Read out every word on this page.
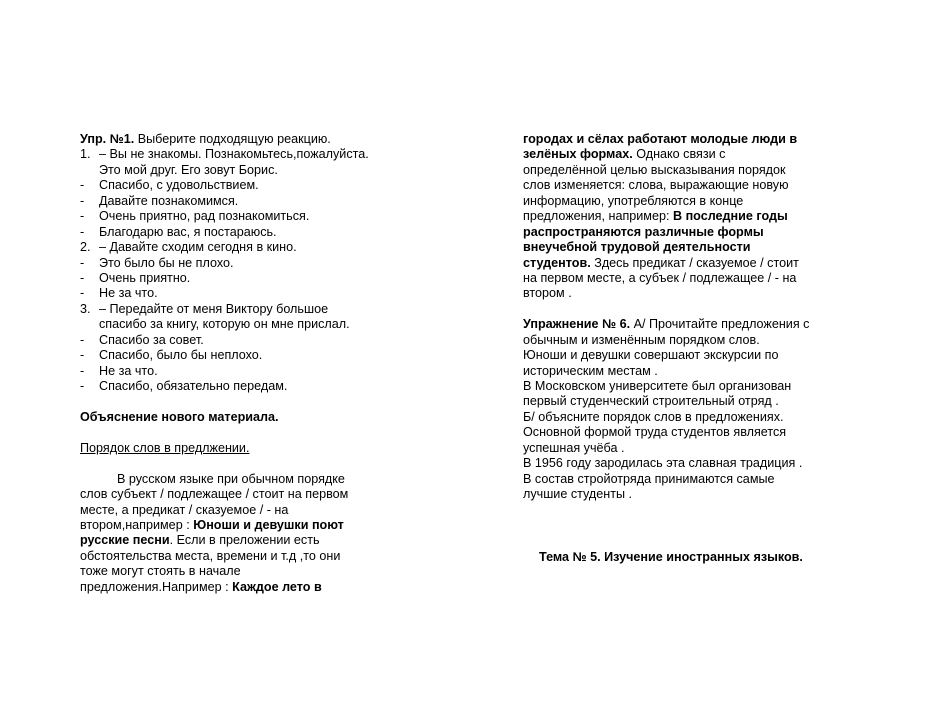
Упр. №1. Выберите подходящую реакцию.
1. – Вы не знакомы. Познакомьтесь,пожалуйста.
Это мой друг. Его зовут Борис.
- Спасибо, с удовольствием.
- Давайте познакомимся.
- Очень приятно, рад познакомиться.
- Благодарю вас, я постараюсь.
2. – Давайте сходим сегодня в кино.
- Это было бы не плохо.
- Очень приятно.
- Не за что.
3. – Передайте от меня Виктору большое
спасибо за книгу, которую он мне прислал.
- Спасибо за совет.
- Спасибо, было бы неплохо.
- Не за что.
- Спасибо, обязательно передам.
Объяснение нового материала.
Порядок слов в предлжении.
В русском языке при обычном порядке
слов субъект / подлежащее / стоит на первом
месте, а предикат / сказуемое / - на
втором,например : Юноши и девушки поют
русские песни. Если в преложении есть
обстоятельства места, времени и т.д ,то они
тоже могут стоять в начале
предложения.Например : Каждое лето в
городах и сёлах работают молодые люди в
зелёных формах. Однако связи с
определённой целью высказывания порядок
слов изменяется: слова, выражающие новую
информацию, употребляются в конце
предложения, например: В последние годы
распространяются различные формы
внеучебной трудовой деятельности
студентов. Здесь предикат / сказуемое / стоит
на первом месте, а субъек / подлежащее / - на
втором .
Упражнение № 6. А/ Прочитайте предложения с
обычным и изменённым порядком слов.
Юноши и девушки совершают экскурсии по
историческим местам .
В Московском университете был организован
первый студенческий строительный отряд .
Б/ объясните порядок слов в предложениях.
Основной формой труда студентов является
успешная учёба .
В 1956 году зародилась эта славная традиция .
В состав стройотряда принимаются самые
лучшие студенты .
Тема № 5. Изучение иностранных языков.
